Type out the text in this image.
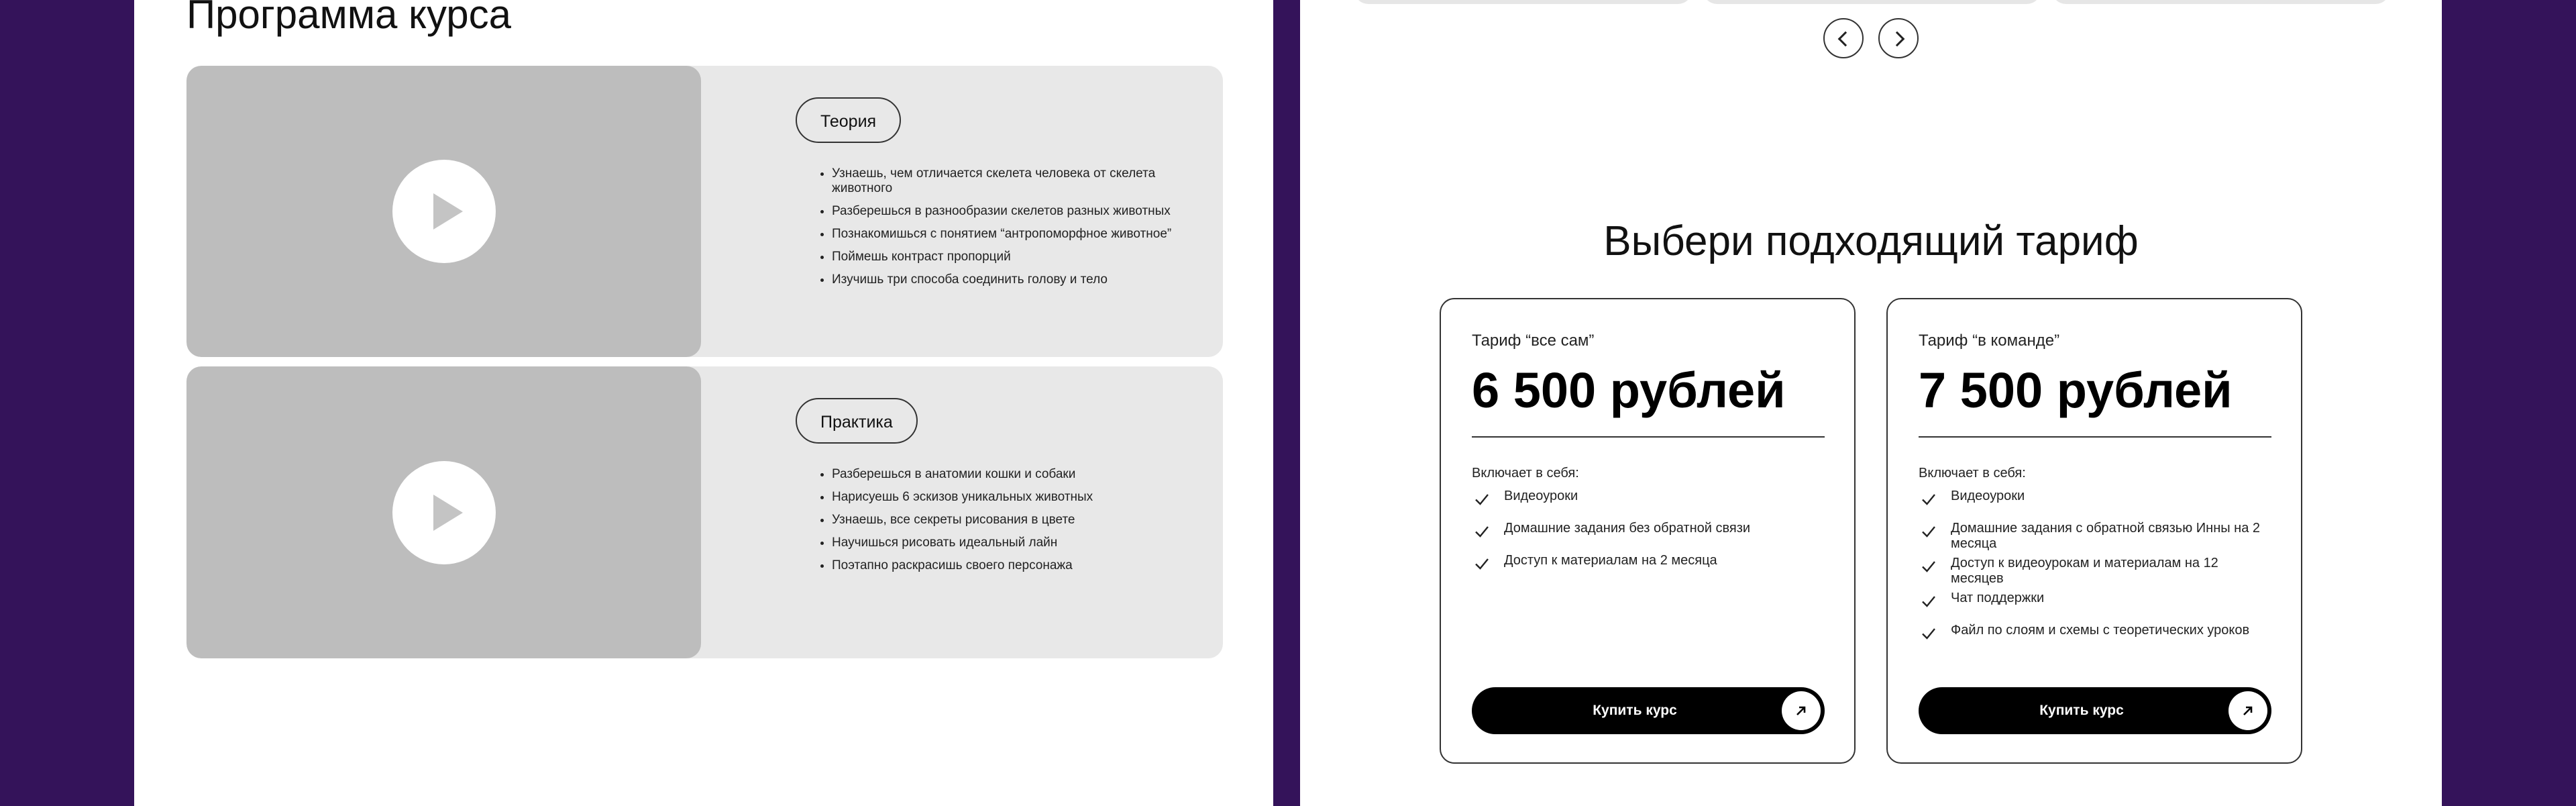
Программа курса
Теория
• Узнаешь, чем отличается скелета человека от скелета животного
• Разберешься в разнообразии скелетов разных животных
• Познакомишься с понятием “антропоморфное животное”
• Поймешь контраст пропорций
• Изучишь три способа соединить голову и тело
Практика
• Разберешься в анатомии кошки и собаки
• Нарисуешь 6 эскизов уникальных животных
• Узнаешь, все секреты рисования в цвете
• Научишься рисовать идеальный лайн
• Поэтапно раскрасишь своего персонажа
Выбери подходящий тариф
Тариф “все сам”
6 500 рублей
Включает в себя:
Видеоуроки
Домашние задания без обратной связи
Доступ к материалам на 2 месяца
Купить курс
Тариф “в команде”
7 500 рублей
Включает в себя:
Видеоуроки
Домашние задания с обратной связью Инны на 2 месяца
Доступ к видеоурокам и материалам на 12 месяцев
Чат поддержки
Файл по слоям и схемы с теоретических уроков
Купить курс
